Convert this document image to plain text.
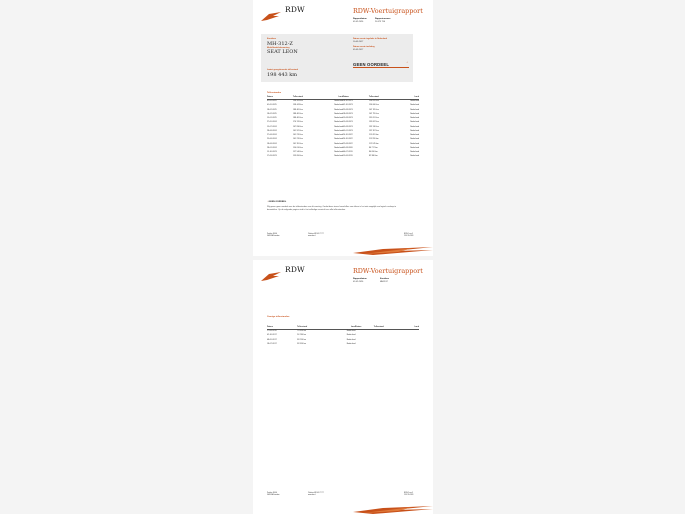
RDW	RDW-Voertuigrapport
Rapportdatum
02-02-2026
Rapportnummer
20 673 796
Kenteken
MH-312-Z
Merk/Handelsbenaming
SEAT LEON
Laatst geregistreerde tellerstand
198 443 km
Datum eerste tegelatie in Nederland
10-05-2017
Datum eerste toelating
05-05-2017
GEEN OORDEEL	⌃
Tellerstanden
Datum	Tellerstand	Land	Datum	Tellerstand	Land
02-05-2025	198 443 km	Nederland	18-10-2023	156 055 km	Nederland
01-05-2025	198 443 km	Nederland	02-10-2023	156 060 km	Nederland
18-02-2025	188 405 km	Nederland	25-08-2023	142 705 km	Nederland
18-02-2025	188 405 km	Nederland	18-08-2023	142 755 km	Nederland
15-01-2025	188 405 km	Nederland	15-08-2023	135 091 km	Nederland
27-05-2024	176 370 km	Nederland	15-08-2023	133 087 km	Nederland
15-07-2024	167 830 km	Nederland	05-08-2023	133 316 km	Nederland
28-06-2024	161 925 km	Nederland	05-01-2023	132 397 km	Nederland
27-06-2024	161 235 km	Nederland	20-10-2022	115 491 km	Nederland
25-06-2024	161 235 km	Nederland	20-10-2022	115 359 km	Nederland
18-06-2024	161 355 km	Nederland	22-08-2022	112 245 km	Nederland
28-01-2024	150 610 km	Nederland	05-08-2020	86 717 km	Nederland
15-10-2023	157 540 km	Nederland	06-07-2019	80 090 km	Nederland
17-09-2023	153 690 km	Nederland	15-06-2019	82 380 km	Nederland
◦ GEEN OORDEEL
Wij geven geen oordeel over de tellerstanden van dit voertuig. Omdat deze teveel verschillen van elkaar is het niet mogelijk een logisch verloop te beoordelen. Op de volgende pagina vindt u het volledige overzicht van alle tellerstanden.
Postbus 30000
9640 RA Veendam
Telefoon 088 001 77 77
www.rdw.nl
RDW-1 van 3
2017-05-2026
RDW	RDW-Voertuigrapport
Rapportdatum
02-02-2026
Kenteken
MH312Z
Overige tellerstanden
Datum	Tellerstand	Land	Datum	Tellerstand	Land
17-06-2019	70 410 km	Nederland			
02-10-2017	24 290 km	Nederland			
08-05-2017	38 210 km	Nederland			
18-07-2017	38 310 km	Nederland			
Postbus 30000
9640 RA Veendam
Telefoon 088 001 77 77
www.rdw.nl
RDW-2 van 3
2017-05-2026
